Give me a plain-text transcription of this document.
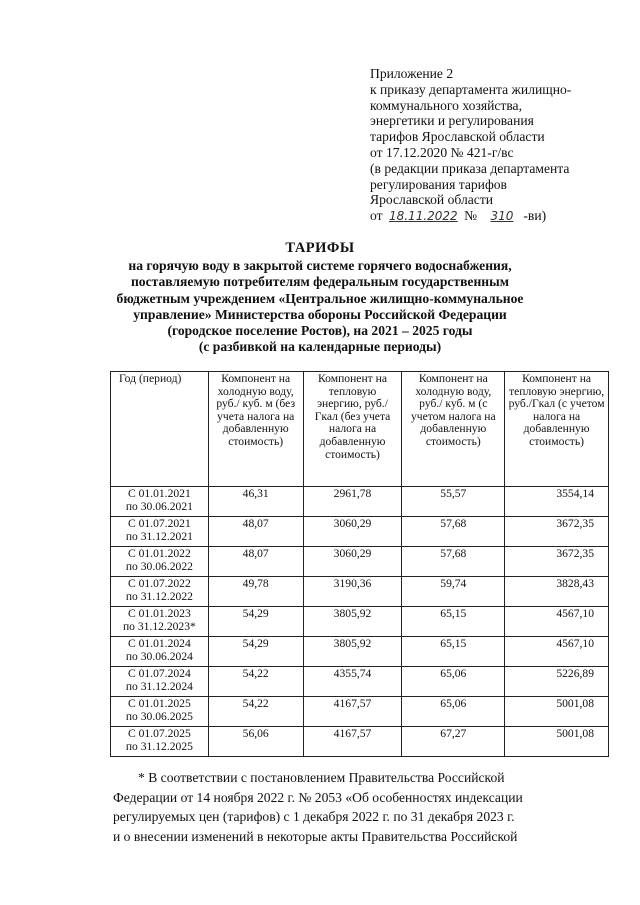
Приложение 2
к приказу департамента жилищно-
коммунального хозяйства,
энергетики и регулирования
тарифов Ярославской области
от 17.12.2020 № 421-г/вс
(в редакции приказа департамента
регулирования тарифов
Ярославской области
от 18.11.2022 № 310 -ви)
ТАРИФЫ
на горячую воду в закрытой системе горячего водоснабжения,
поставляемую потребителям федеральным государственным
бюджетным учреждением «Центральное жилищно-коммунальное
управление» Министерства обороны Российской Федерации
(городское поселение Ростов), на 2021 – 2025 годы
(с разбивкой на календарные периоды)
Год (период)	Компонент на холодную воду, руб./ куб. м (без учета налога на добавленную стоимость)	Компонент на тепловую энергию, руб./Гкал (без учета налога на добавленную стоимость)	Компонент на холодную воду, руб./ куб. м (с учетом налога на добавленную стоимость)	Компонент на тепловую энергию, руб./Гкал (с учетом налога на добавленную стоимость)

С 01.01.2021
по 30.06.2021	46,31	2961,78	55,57	3554,14

С 01.07.2021
по 31.12.2021	48,07	3060,29	57,68	3672,35

С 01.01.2022
по 30.06.2022	48,07	3060,29	57,68	3672,35

С 01.07.2022
по 31.12.2022	49,78	3190,36	59,74	3828,43

С 01.01.2023
по 31.12.2023*	54,29	3805,92	65,15	4567,10

С 01.01.2024
по 30.06.2024	54,29	3805,92	65,15	4567,10

С 01.07.2024
по 31.12.2024	54,22	4355,74	65,06	5226,89

С 01.01.2025
по 30.06.2025	54,22	4167,57	65,06	5001,08

С 01.07.2025
по 31.12.2025	56,06	4167,57	67,27	5001,08
* В соответствии с постановлением Правительства Российской
Федерации от 14 ноября 2022 г. № 2053 «Об особенностях индексации
регулируемых цен (тарифов) с 1 декабря 2022 г. по 31 декабря 2023 г.
и о внесении изменений в некоторые акты Правительства Российской
